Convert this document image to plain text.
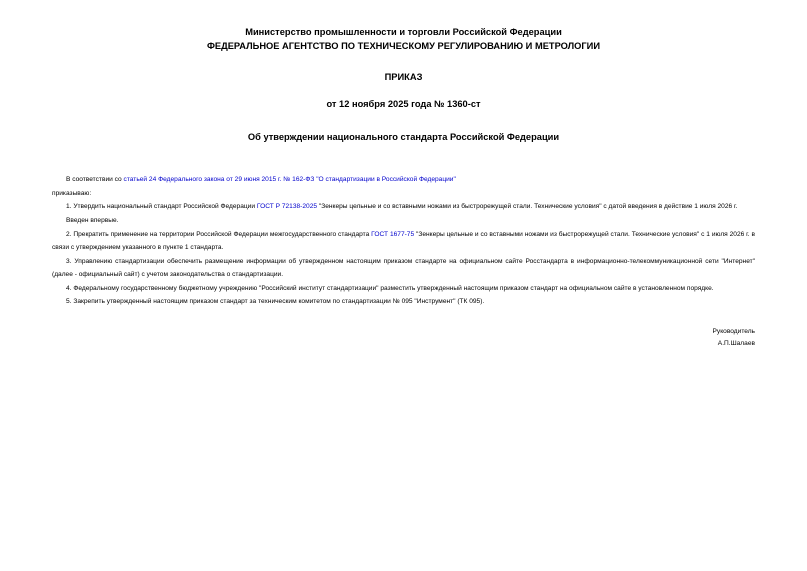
Министерство промышленности и торговли Российской Федерации
ФЕДЕРАЛЬНОЕ АГЕНТСТВО ПО ТЕХНИЧЕСКОМУ РЕГУЛИРОВАНИЮ И МЕТРОЛОГИИ
ПРИКАЗ
от 12 ноября 2025 года № 1360-ст
Об утверждении национального стандарта Российской Федерации

В соответствии со статьей 24 Федерального закона от 29 июня 2015 г. № 162-ФЗ "О стандартизации в Российской Федерации"

приказываю:

1. Утвердить национальный стандарт Российской Федерации ГОСТ Р 72138-2025 "Зенкеры цельные и со вставными ножами из быстрорежущей стали. Технические условия" с датой введения в действие 1 июля 2026 г.

Введен впервые.

2. Прекратить применение на территории Российской Федерации межгосударственного стандарта ГОСТ 1677-75 "Зенкеры цельные и со вставными ножами из быстрорежущей стали. Технические условия" с 1 июля 2026 г. в связи с утверждением указанного в пункте 1 стандарта.

3. Управлению стандартизации обеспечить размещение информации об утвержденном настоящим приказом стандарте на официальном сайте Росстандарта в информационно-телекоммуникационной сети "Интернет" (далее - официальный сайт) с учетом законодательства о стандартизации.

4. Федеральному государственному бюджетному учреждению "Российский институт стандартизации" разместить утвержденный настоящим приказом стандарт на официальном сайте в установленном порядке.

5. Закрепить утвержденный настоящим приказом стандарт за техническим комитетом по стандартизации № 095 "Инструмент" (ТК 095).

Руководитель
А.П.Шалаев
